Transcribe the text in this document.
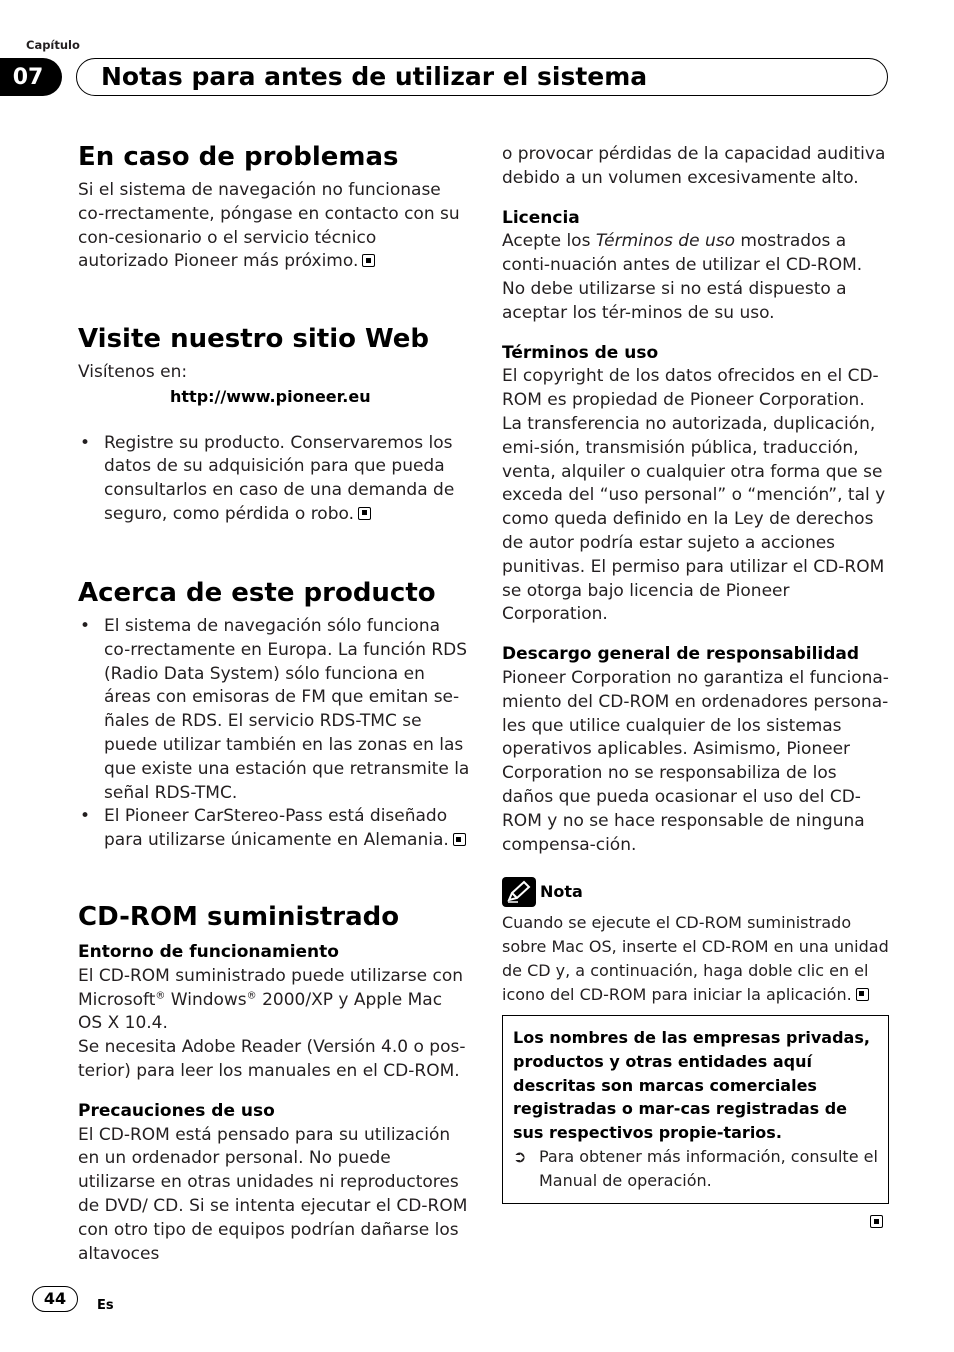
Capítulo
07	Notas para antes de utilizar el sistema
En caso de problemas

Si el sistema de navegación no funcionase co-rrectamente, póngase en contacto con su con-cesionario o el servicio técnico autorizado Pioneer más próximo.

Visite nuestro sitio Web

Visítenos en:

http://www.pioneer.eu

• Registre su producto. Conservaremos los datos de su adquisición para que pueda consultarlos en caso de una demanda de seguro, como pérdida o robo.
Acerca de este producto
• El sistema de navegación sólo funciona co-rrectamente en Europa. La función RDS (Radio Data System) sólo funciona en áreas con emisoras de FM que emitan se-ñales de RDS. El servicio RDS-TMC se puede utilizar también en las zonas en las que existe una estación que retransmite la señal RDS-TMC.
• El Pioneer CarStereo-Pass está diseñado para utilizarse únicamente en Alemania.
CD-ROM suministrado
Entorno de funcionamiento

El CD-ROM suministrado puede utilizarse con Microsoft® Windows® 2000/XP y Apple Mac OS X 10.4.

Se necesita Adobe Reader (Versión 4.0 o pos-terior) para leer los manuales en el CD-ROM.

Precauciones de uso

El CD-ROM está pensado para su utilización en un ordenador personal. No puede utilizarse en otras unidades ni reproductores de DVD/ CD. Si se intenta ejecutar el CD-ROM con otro tipo de equipos podrían dañarse los altavoces

o provocar pérdidas de la capacidad auditiva debido a un volumen excesivamente alto.

Licencia

Acepte los Términos de uso mostrados a conti-nuación antes de utilizar el CD-ROM. No debe utilizarse si no está dispuesto a aceptar los tér-minos de su uso.

Términos de uso

El copyright de los datos ofrecidos en el CD-ROM es propiedad de Pioneer Corporation. La transferencia no autorizada, duplicación, emi-sión, transmisión pública, traducción, venta, alquiler o cualquier otra forma que se exceda del “uso personal” o “mención”, tal y como queda definido en la Ley de derechos de autor podría estar sujeto a acciones punitivas. El permiso para utilizar el CD-ROM se otorga bajo licencia de Pioneer Corporation.

Descargo general de responsabilidad

Pioneer Corporation no garantiza el funciona-miento del CD-ROM en ordenadores persona-les que utilice cualquier de los sistemas operativos aplicables. Asimismo, Pioneer Corporation no se responsabiliza de los daños que pueda ocasionar el uso del CD-ROM y no se hace responsable de ninguna compensa-ción.

Nota

Cuando se ejecute el CD-ROM suministrado sobre Mac OS, inserte el CD-ROM en una unidad de CD y, a continuación, haga doble clic en el icono del CD-ROM para iniciar la aplicación.

Los nombres de las empresas privadas, productos y otras entidades aquí descritas son marcas comerciales registradas o mar-cas registradas de sus respectivos propie-tarios.
➲ Para obtener más información, consulte el Manual de operación.
44	Es
